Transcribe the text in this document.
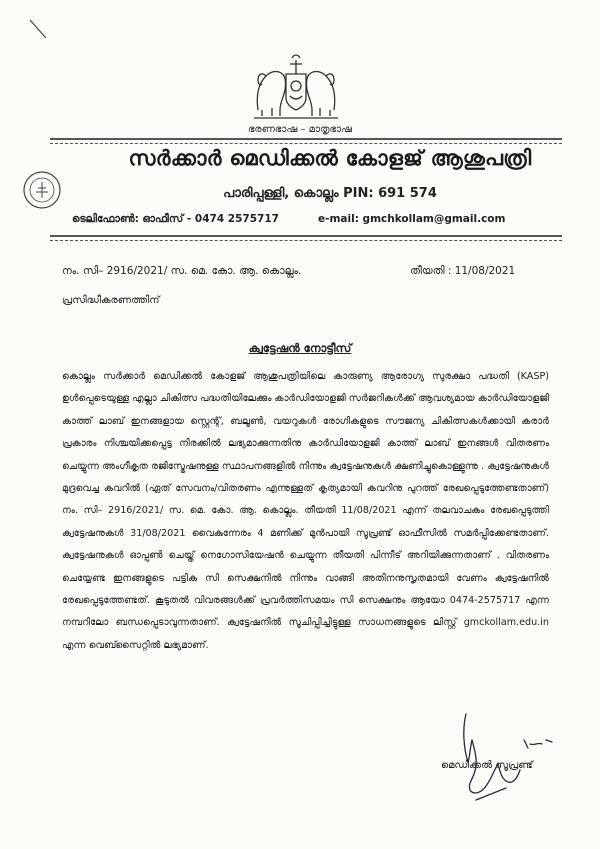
ഭരണഭാഷ – മാതൃഭാഷ
സർക്കാർ മെഡിക്കൽ കോളജ് ആശുപത്രി
പാരിപ്പള്ളി, കൊല്ലം PIN: 691 574
ടെലിഫോൺ: ഓഫീസ് - 0474 2575717	e-mail: gmchkollam@gmail.com
നം. സി– 2916/2021/ സ. മെ. കോ. ആ. കൊല്ലം.	തീയതി : 11/08/2021
പ്രസിദ്ധീകരണത്തിന്
ക്വട്ടേഷൻ നോട്ടീസ്
കൊല്ലം സർക്കാർ മെഡിക്കൽ കോളജ് ആശുപത്രിയിലെ കാരുണ്യ ആരോഗ്യ സുരക്ഷാ പദ്ധതി (KASP) ഉൾപ്പെടെയുള്ള എല്ലാ ചികിത്സ പദ്ധതിയിലേക്കും കാർഡിയോളജി സർജറികൾക്ക് ആവശ്യമായ കാർഡിയോളജി കാത്ത് ലാബ് ഇനങ്ങളായ സ്റ്റെന്റ്, ബലൂൺ, വയറുകൾ രോഗികളുടെ സൗജന്യ ചികിത്സകൾക്കായി കരാർ പ്രകാരം നിശ്ചയിക്കപ്പെട്ട നിരക്കിൽ ലഭ്യമാക്കുന്നതിനു കാർഡിയോളജി കാത്ത് ലാബ് ഇനങ്ങൾ വിതരണം ചെയ്യുന്ന അംഗീകൃത രജിസ്ട്രേഷനുള്ള സ്ഥാപനങ്ങളിൽ നിന്നും ക്വട്ടേഷനുകൾ ക്ഷണിച്ചുകൊള്ളുന്നു . ക്വട്ടേഷനുകൾ മുദ്രവെച്ച കവറിൽ (ഏത് സേവനം/വിതരണം എന്നുള്ളത് കൃത്യമായി കവറിനു പുറത്ത് രേഖപ്പെടുത്തേണ്ടതാണ്) നം. സി– 2916/2021/ സ. മെ. കോ. ആ. കൊല്ലം. തീയതി 11/08/2021 എന്ന് തലവാചകം രേഖപ്പെടുത്തി ക്വട്ടേഷനുകൾ 31/08/2021 വൈകുന്നേരം 4 മണിക്ക് മുൻപായി സൂപ്രണ്ട് ഓഫീസിൽ സമർപ്പിക്കേണ്ടതാണ്. ക്വട്ടേഷനുകൾ ഓപ്പൺ ചെയ്ത് നെഗോസിയേഷൻ ചെയ്യുന്ന തീയതി പിന്നീട് അറിയിക്കുന്നതാണ് . വിതരണം ചെയ്യേണ്ട ഇനങ്ങളുടെ പട്ടിക സി സെക്ഷനിൽ നിന്നും വാങ്ങി അതിനനുസൃതമായി വേണം ക്വട്ടേഷനിൽ രേഖപ്പെടുത്തേണ്ടത്. കൂടുതൽ വിവരങ്ങൾക്ക് പ്രവർത്തിസമയം സി സെക്ഷനും ആയോ 0474-2575717 എന്ന നമ്പറിലോ ബന്ധപ്പെടാവുന്നതാണ്. ക്വട്ടേഷനിൽ സൂചിപ്പിച്ചിട്ടുള്ള സാധനങ്ങളുടെ ലിസ്റ്റ് gmckollam.edu.in എന്ന വെബ്സൈറ്റിൽ ലഭ്യമാണ്.
മെഡിക്കൽ സൂപ്രണ്ട്
